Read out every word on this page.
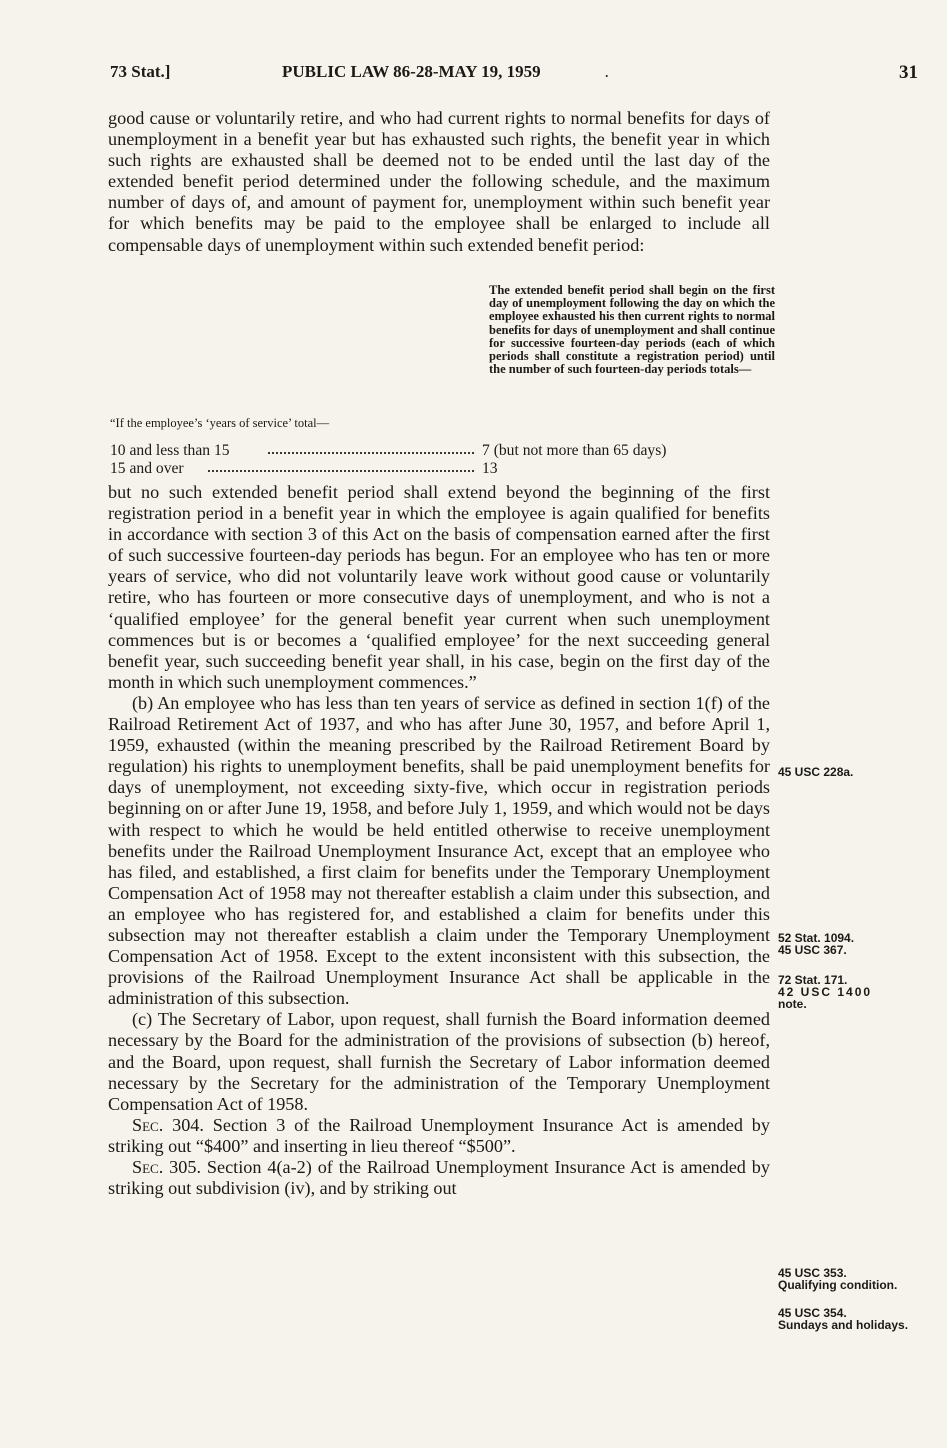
73 Stat.]	PUBLIC LAW 86-28-MAY 19, 1959	.	31

good cause or voluntarily retire, and who had current rights to normal benefits for days of unemployment in a benefit year but has exhausted such rights, the benefit year in which such rights are exhausted shall be deemed not to be ended until the last day of the extended benefit period determined under the following schedule, and the maximum number of days of, and amount of payment for, unemployment within such benefit year for which benefits may be paid to the employee shall be enlarged to include all compensable days of unemployment within such extended benefit period:

The extended benefit period shall begin on the first day of unemployment following the day on which the employee exhausted his then current rights to normal benefits for days of unemployment and shall continue for successive fourteen-day periods (each of which periods shall constitute a registration period) until the number of such fourteen-day periods totals—
“If the employee’s ‘years of service’ total—
10 and less than 15	7 (but not more than 65 days)
15 and over	13

but no such extended benefit period shall extend beyond the beginning of the first registration period in a benefit year in which the employee is again qualified for benefits in accordance with section 3 of this Act on the basis of compensation earned after the first of such successive fourteen-day periods has begun. For an employee who has ten or more years of service, who did not voluntarily leave work without good cause or voluntarily retire, who has fourteen or more consecutive days of unemployment, and who is not a ‘qualified employee’ for the general benefit year current when such unemployment commences but is or becomes a ‘qualified employee’ for the next succeeding general benefit year, such succeeding benefit year shall, in his case, begin on the first day of the month in which such unemployment commences.”

(b) An employee who has less than ten years of service as defined in section 1(f) of the Railroad Retirement Act of 1937, and who has after June 30, 1957, and before April 1, 1959, exhausted (within the meaning prescribed by the Railroad Retirement Board by regulation) his rights to unemployment benefits, shall be paid unemployment benefits for days of unemployment, not exceeding sixty-five, which occur in registration periods beginning on or after June 19, 1958, and before July 1, 1959, and which would not be days with respect to which he would be held entitled otherwise to receive unemployment benefits under the Railroad Unemployment Insurance Act, except that an employee who has filed, and established, a first claim for benefits under the Temporary Unemployment Compensation Act of 1958 may not thereafter establish a claim under this subsection, and an employee who has registered for, and established a claim for benefits under this subsection may not thereafter establish a claim under the Temporary Unemployment Compensation Act of 1958. Except to the extent inconsistent with this subsection, the provisions of the Railroad Unemployment Insurance Act shall be applicable in the administration of this subsection.

(c) The Secretary of Labor, upon request, shall furnish the Board information deemed necessary by the Board for the administration of the provisions of subsection (b) hereof, and the Board, upon request, shall furnish the Secretary of Labor information deemed necessary by the Secretary for the administration of the Temporary Unemployment Compensation Act of 1958.

Sec. 304. Section 3 of the Railroad Unemployment Insurance Act is amended by striking out “$400” and inserting in lieu thereof “$500”.

Sec. 305. Section 4(a-2) of the Railroad Unemployment Insurance Act is amended by striking out subdivision (iv), and by striking out

45 USC 228a.
52 Stat. 1094.
45 USC 367.
72 Stat. 171.
42 USC 1400
note.
45 USC 353.
Qualifying condition.
45 USC 354.
Sundays and holidays.
